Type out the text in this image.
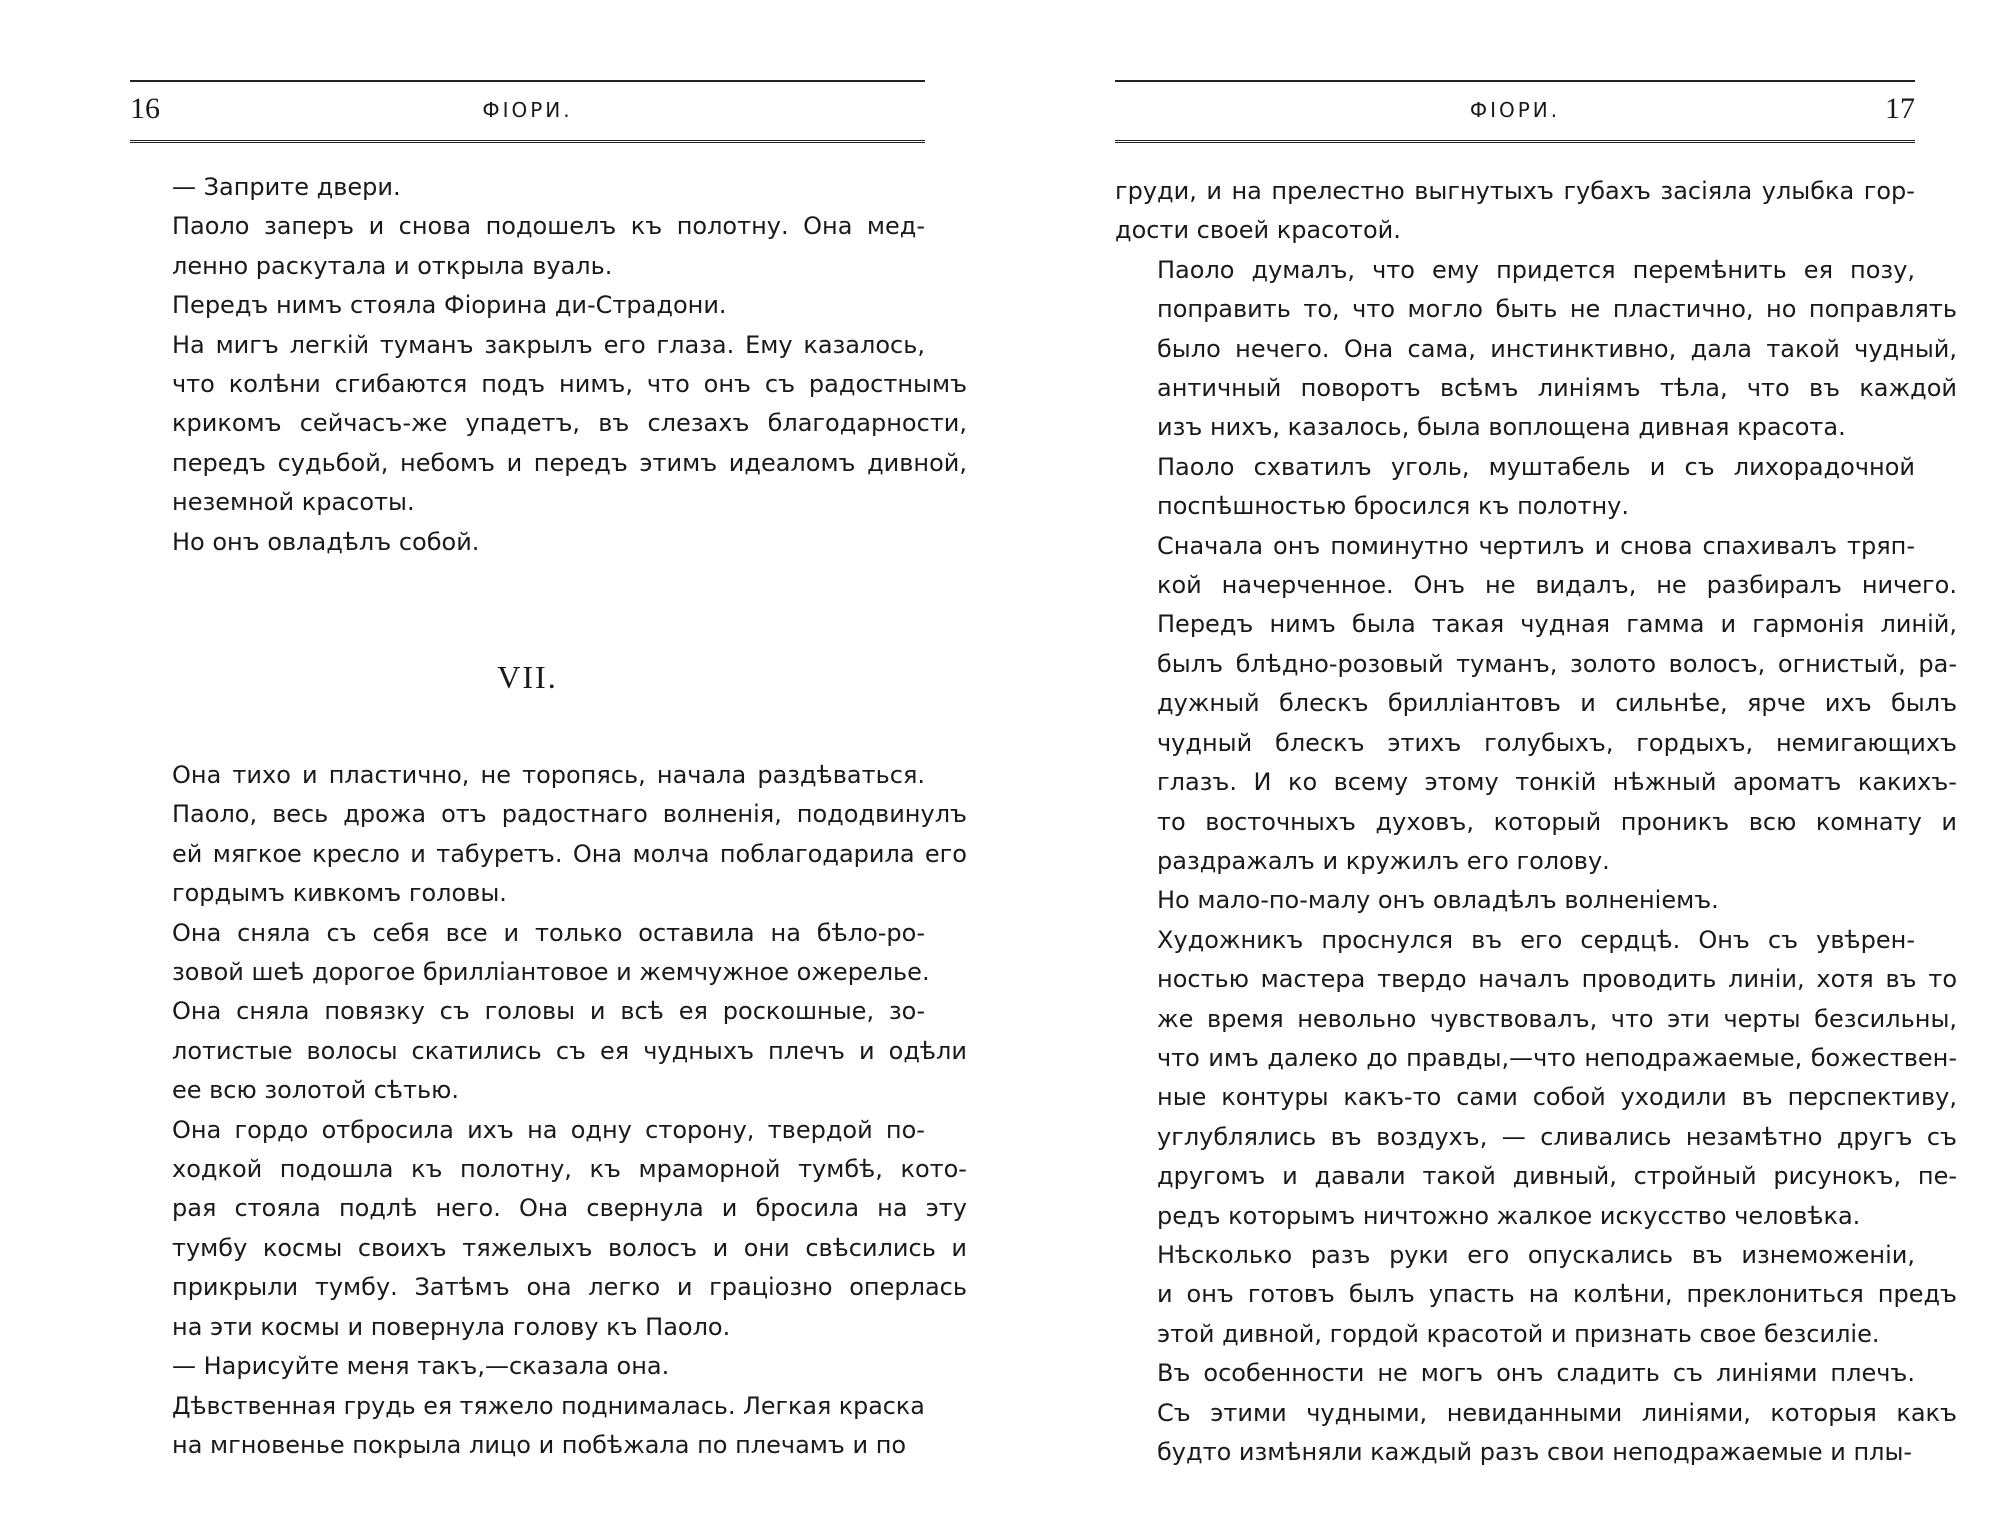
16	ФIОРИ.

— Заприте двери.

Паоло заперъ и снова подошелъ къ полотну. Она мед-
ленно раскутала и открыла вуаль.

Передъ нимъ стояла Фiорина ди-Страдони.

На мигъ легкiй туманъ закрылъ его глаза. Ему казалось,
что колѣни сгибаются подъ нимъ, что онъ съ радостнымъ
крикомъ сейчасъ-же упадетъ, въ слезахъ благодарности,
передъ судьбой, небомъ и передъ этимъ идеаломъ дивной,
неземной красоты.

Но онъ овладѣлъ собой.

VII.

Она тихо и пластично, не торопясь, начала раздѣваться.
Паоло, весь дрожа отъ радостнаго волненiя, пододвинулъ
ей мягкое кресло и табуретъ. Она молча поблагодарила его
гордымъ кивкомъ головы.

Она сняла съ себя все и только оставила на бѣло-ро-
зовой шеѣ дорогое бриллiантовое и жемчужное ожерелье.

Она сняла повязку съ головы и всѣ ея роскошные, зо-
лотистые волосы скатились съ ея чудныхъ плечъ и одѣли
ее всю золотой сѣтью.

Она гордо отбросила ихъ на одну сторону, твердой по-
ходкой подошла къ полотну, къ мраморной тумбѣ, кото-
рая стояла подлѣ него. Она свернула и бросила на эту
тумбу космы своихъ тяжелыхъ волосъ и они свѣсились и
прикрыли тумбу. Затѣмъ она легко и грацiозно оперлась
на эти космы и повернула голову къ Паоло.

— Нарисуйте меня такъ,—сказала она.

Дѣвственная грудь ея тяжело поднималась. Легкая краска
на мгновенье покрыла лицо и побѣжала по плечамъ и по

ФIОРИ.	17

груди, и на прелестно выгнутыхъ губахъ засiяла улыбка гор-
дости своей красотой.

Паоло думалъ, что ему придется перемѣнить ея позу,
поправить то, что могло быть не пластично, но поправлять
было нечего. Она сама, инстинктивно, дала такой чудный,
античный поворотъ всѣмъ линiямъ тѣла, что въ каждой
изъ нихъ, казалось, была воплощена дивная красота.

Паоло схватилъ уголь, муштабель и съ лихорадочной
поспѣшностью бросился къ полотну.

Сначала онъ поминутно чертилъ и снова спахивалъ тряп-
кой начерченное. Онъ не видалъ, не разбиралъ ничего.
Передъ нимъ была такая чудная гамма и гармонiя линiй,
былъ блѣдно-розовый туманъ, золото волосъ, огнистый, ра-
дужный блескъ бриллiантовъ и сильнѣе, ярче ихъ былъ
чудный блескъ этихъ голубыхъ, гордыхъ, немигающихъ
глазъ. И ко всему этому тонкiй нѣжный ароматъ какихъ-
то восточныхъ духовъ, который проникъ всю комнату и
раздражалъ и кружилъ его голову.

Но мало-по-малу онъ овладѣлъ волненiемъ.

Художникъ проснулся въ его сердцѣ. Онъ съ увѣрен-
ностью мастера твердо началъ проводить линiи, хотя въ то
же время невольно чувствовалъ, что эти черты безсильны,
что имъ далеко до правды,—что неподражаемые, божествен-
ные контуры какъ-то сами собой уходили въ перспективу,
углублялись въ воздухъ, — сливались незамѣтно другъ съ
другомъ и давали такой дивный, стройный рисунокъ, пе-
редъ которымъ ничтожно жалкое искусство человѣка.

Нѣсколько разъ руки его опускались въ изнеможенiи,
и онъ готовъ былъ упасть на колѣни, преклониться предъ
этой дивной, гордой красотой и признать свое безсилiе.

Въ особенности не могъ онъ сладить съ линiями плечъ.
Съ этими чудными, невиданными линiями, которыя какъ
будто измѣняли каждый разъ свои неподражаемые и плы-
